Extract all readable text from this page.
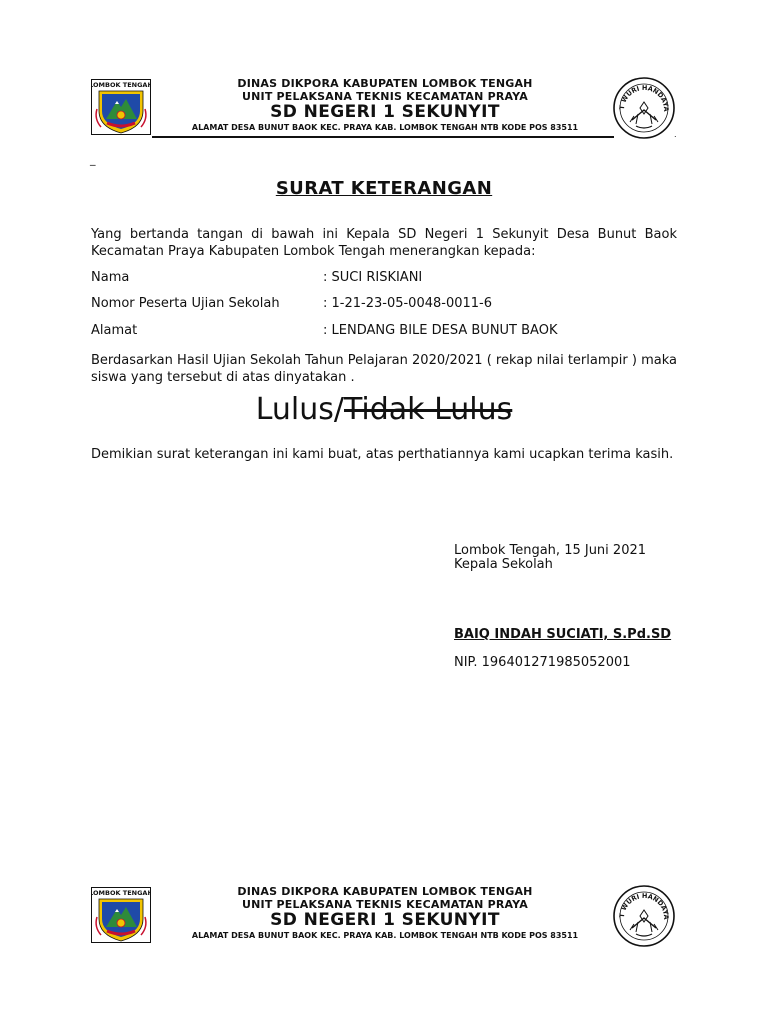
LOMBOK TENGAH	DINAS DIKPORA KABUPATEN LOMBOK TENGAH
UNIT PELAKSANA TEKNIS KECAMATAN PRAYA
SD NEGERI 1 SEKUNYIT
ALAMAT DESA BUNUT BAOK KEC. PRAYA KAB. LOMBOK TENGAH NTB KODE POS 83511
.
T WURI HANDAYA
_
SURAT KETERANGAN
Yang bertanda tangan di bawah ini Kepala SD Negeri 1 Sekunyit Desa Bunut Baok Kecamatan Praya Kabupaten Lombok Tengah menerangkan kepada:
Nama	: SUCI RISKIANI
Nomor Peserta Ujian Sekolah	: 1-21-23-05-0048-0011-6
Alamat	: LENDANG BILE DESA BUNUT BAOK
Berdasarkan Hasil Ujian Sekolah Tahun Pelajaran 2020/2021 ( rekap nilai terlampir ) maka siswa yang tersebut di atas dinyatakan .
Lulus/Tidak Lulus
Demikian surat keterangan ini kami buat, atas perthatiannya kami ucapkan terima kasih.
Lombok Tengah, 15 Juni 2021
Kepala Sekolah
BAIQ INDAH SUCIATI, S.Pd.SD
NIP. 196401271985052001
LOMBOK TENGAH	DINAS DIKPORA KABUPATEN LOMBOK TENGAH
UNIT PELAKSANA TEKNIS KECAMATAN PRAYA
SD NEGERI 1 SEKUNYIT
ALAMAT DESA BUNUT BAOK KEC. PRAYA KAB. LOMBOK TENGAH NTB KODE POS 83511
T WURI HANDAYA
